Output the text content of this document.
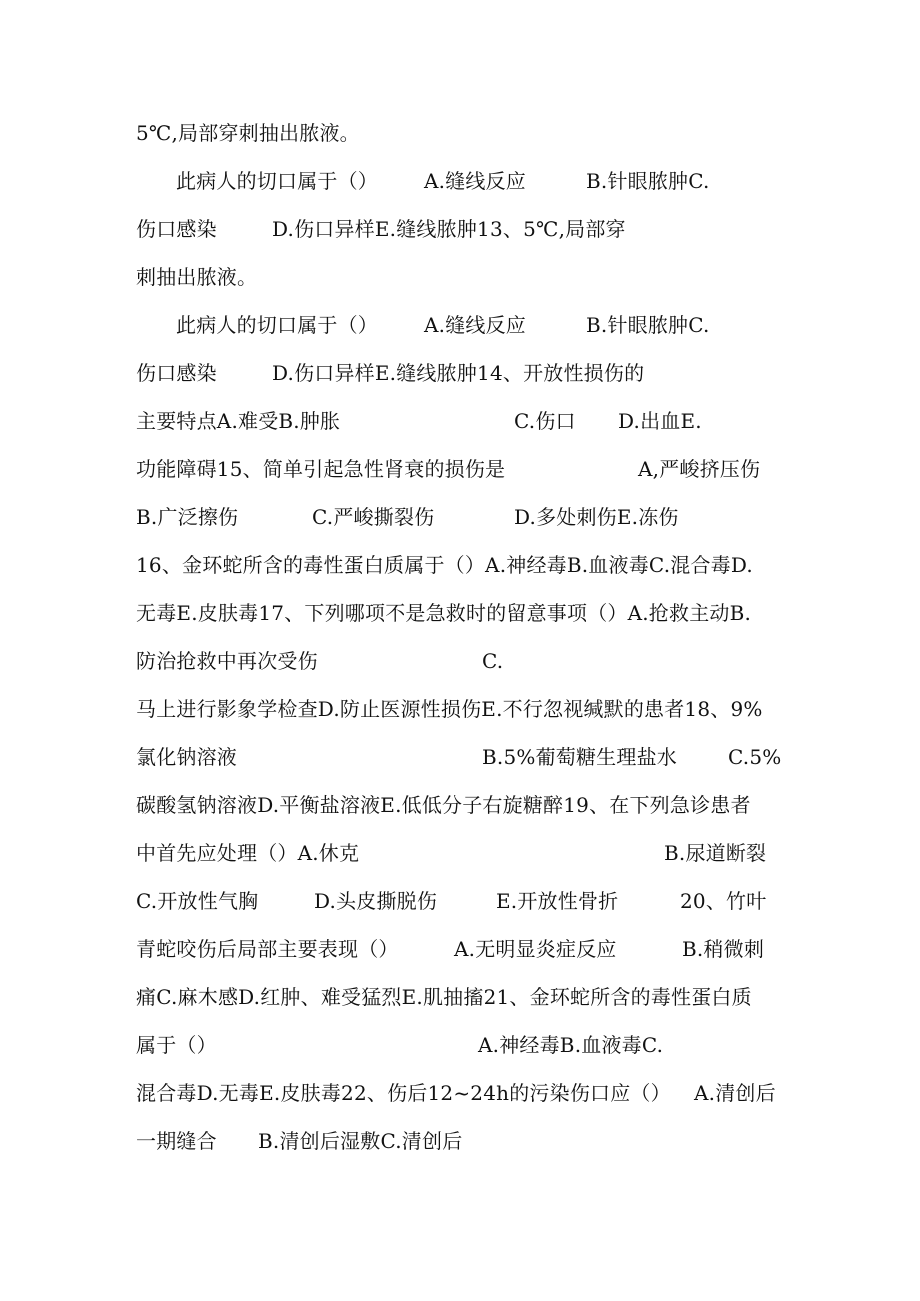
5℃,局部穿刺抽出脓液。

此病人的切口属于（）

A.缝线反应

	B.针眼脓肿C.

伤口感染

	D.伤口异样E.缝线脓肿13、5℃,局部穿

刺抽出脓液。

此病人的切口属于（）

A.缝线反应

	B.针眼脓肿C.

伤口感染

	D.伤口异样E.缝线脓肿14、开放性损伤的

主要特点A.难受B.肿胀

	C.伤口

D.出血E.

功能障碍15、简单引起急性肾衰的损伤是

	A,严峻挤压伤

B.广泛擦伤

	C.严峻撕裂伤

	D.多处刺伤E.冻伤

16、金环蛇所含的毒性蛋白质属于（）A.神经毒B.血液毒C.混合毒D.

无毒E.皮肤毒17、下列哪项不是急救时的留意事项（）A.抢救主动B.

防治抢救中再次受伤

	C.

马上进行影象学检查D.防止医源性损伤E.不行忽视缄默的患者18、9%

氯化钠溶液

	B.5%葡萄糖生理盐水

	C.5%

碳酸氢钠溶液D.平衡盐溶液E.低低分子右旋糖醉19、在下列急诊患者

中首先应处理（）A.休克

	B.尿道断裂

C.开放性气胸

	D.头皮撕脱伤

	E.开放性骨折

	20、竹叶

青蛇咬伤后局部主要表现（）

	A.无明显炎症反应

	B.稍微刺

痛C.麻木感D.红肿、难受猛烈E.肌抽搐21、金环蛇所含的毒性蛋白质

属于（）

	A.神经毒B.血液毒C.

混合毒D.无毒E.皮肤毒22、伤后12~24h的污染伤口应（）

A.清创后

一期缝合

B.清创后湿敷C.清创后
